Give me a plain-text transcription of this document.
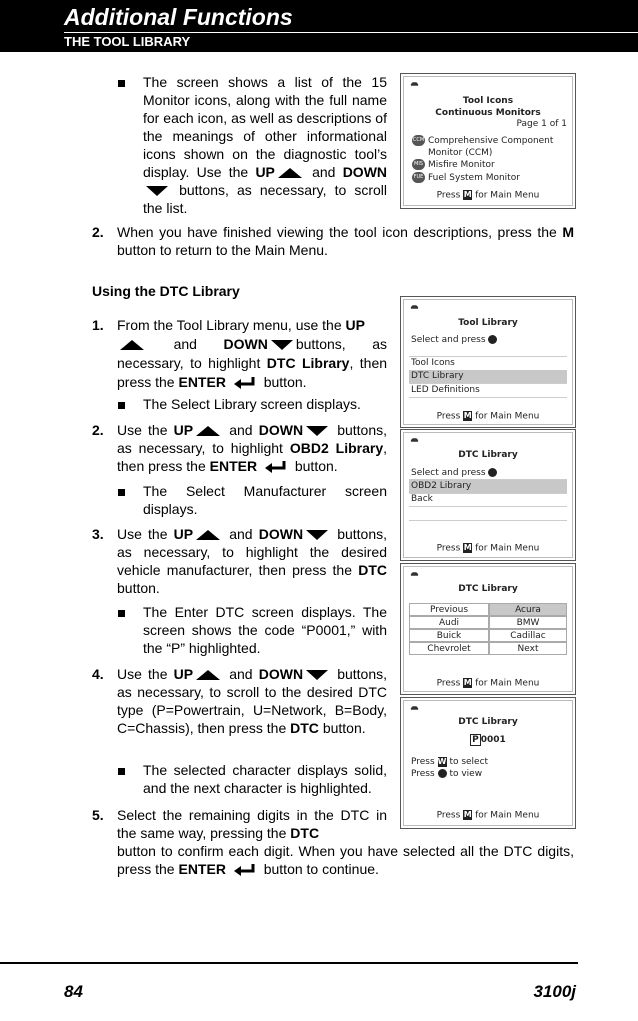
Additional Functions
THE TOOL LIBRARY
The screen shows a list of the 15 Monitor icons, along with the full name for each icon, as well as descriptions of the meanings of other informational icons shown on the diagnostic tool’s display. Use the UP	and DOWN buttons, as necessary, to scroll the list.
Tool Icons
Continuous Monitors
Page 1 of 1
CCM Comprehensive Component
Monitor (CCM)
MIS Misfire Monitor
FUE Fuel System Monitor
Press M for Main Menu
2. When you have finished viewing the tool icon descriptions, press the M button to return to the Main Menu.
Using the DTC Library
Tool Library
Select and press
Tool Icons
DTC Library
LED Definitions
Press M for Main Menu
1. From the Tool Library menu, use the UP
and DOWN buttons, as necessary, to highlight DTC Library, then press the ENTER	button.
The Select Library screen displays.
DTC Library
Select and press
OBD2 Library
Back
Press M for Main Menu
2. Use the UP	and DOWN buttons, as necessary, to highlight OBD2 Library, then press the ENTER	button.
The Select Manufacturer screen displays.
DTC Library
Previous	Acura
Audi	BMW
Buick	Cadillac
Chevrolet	Next
Press M for Main Menu
3. Use the UP	and DOWN buttons, as necessary, to highlight the desired vehicle manufacturer, then press the DTC button.
The Enter DTC screen displays. The screen shows the code “P0001,” with the “P” highlighted.
DTC Library
P 0001
Press W to select
Press to view
Press M for Main Menu
4. Use the UP	and DOWN buttons, as necessary, to scroll to the desired DTC type (P=Powertrain, U=Network, B=Body, C=Chassis), then press the DTC button.
The selected character displays solid, and the next character is highlighted.
5. Select the remaining digits in the DTC in the same way, pressing the DTC
button to confirm each digit. When you have selected all the DTC digits, press the ENTER	button to continue.
84	3100j
